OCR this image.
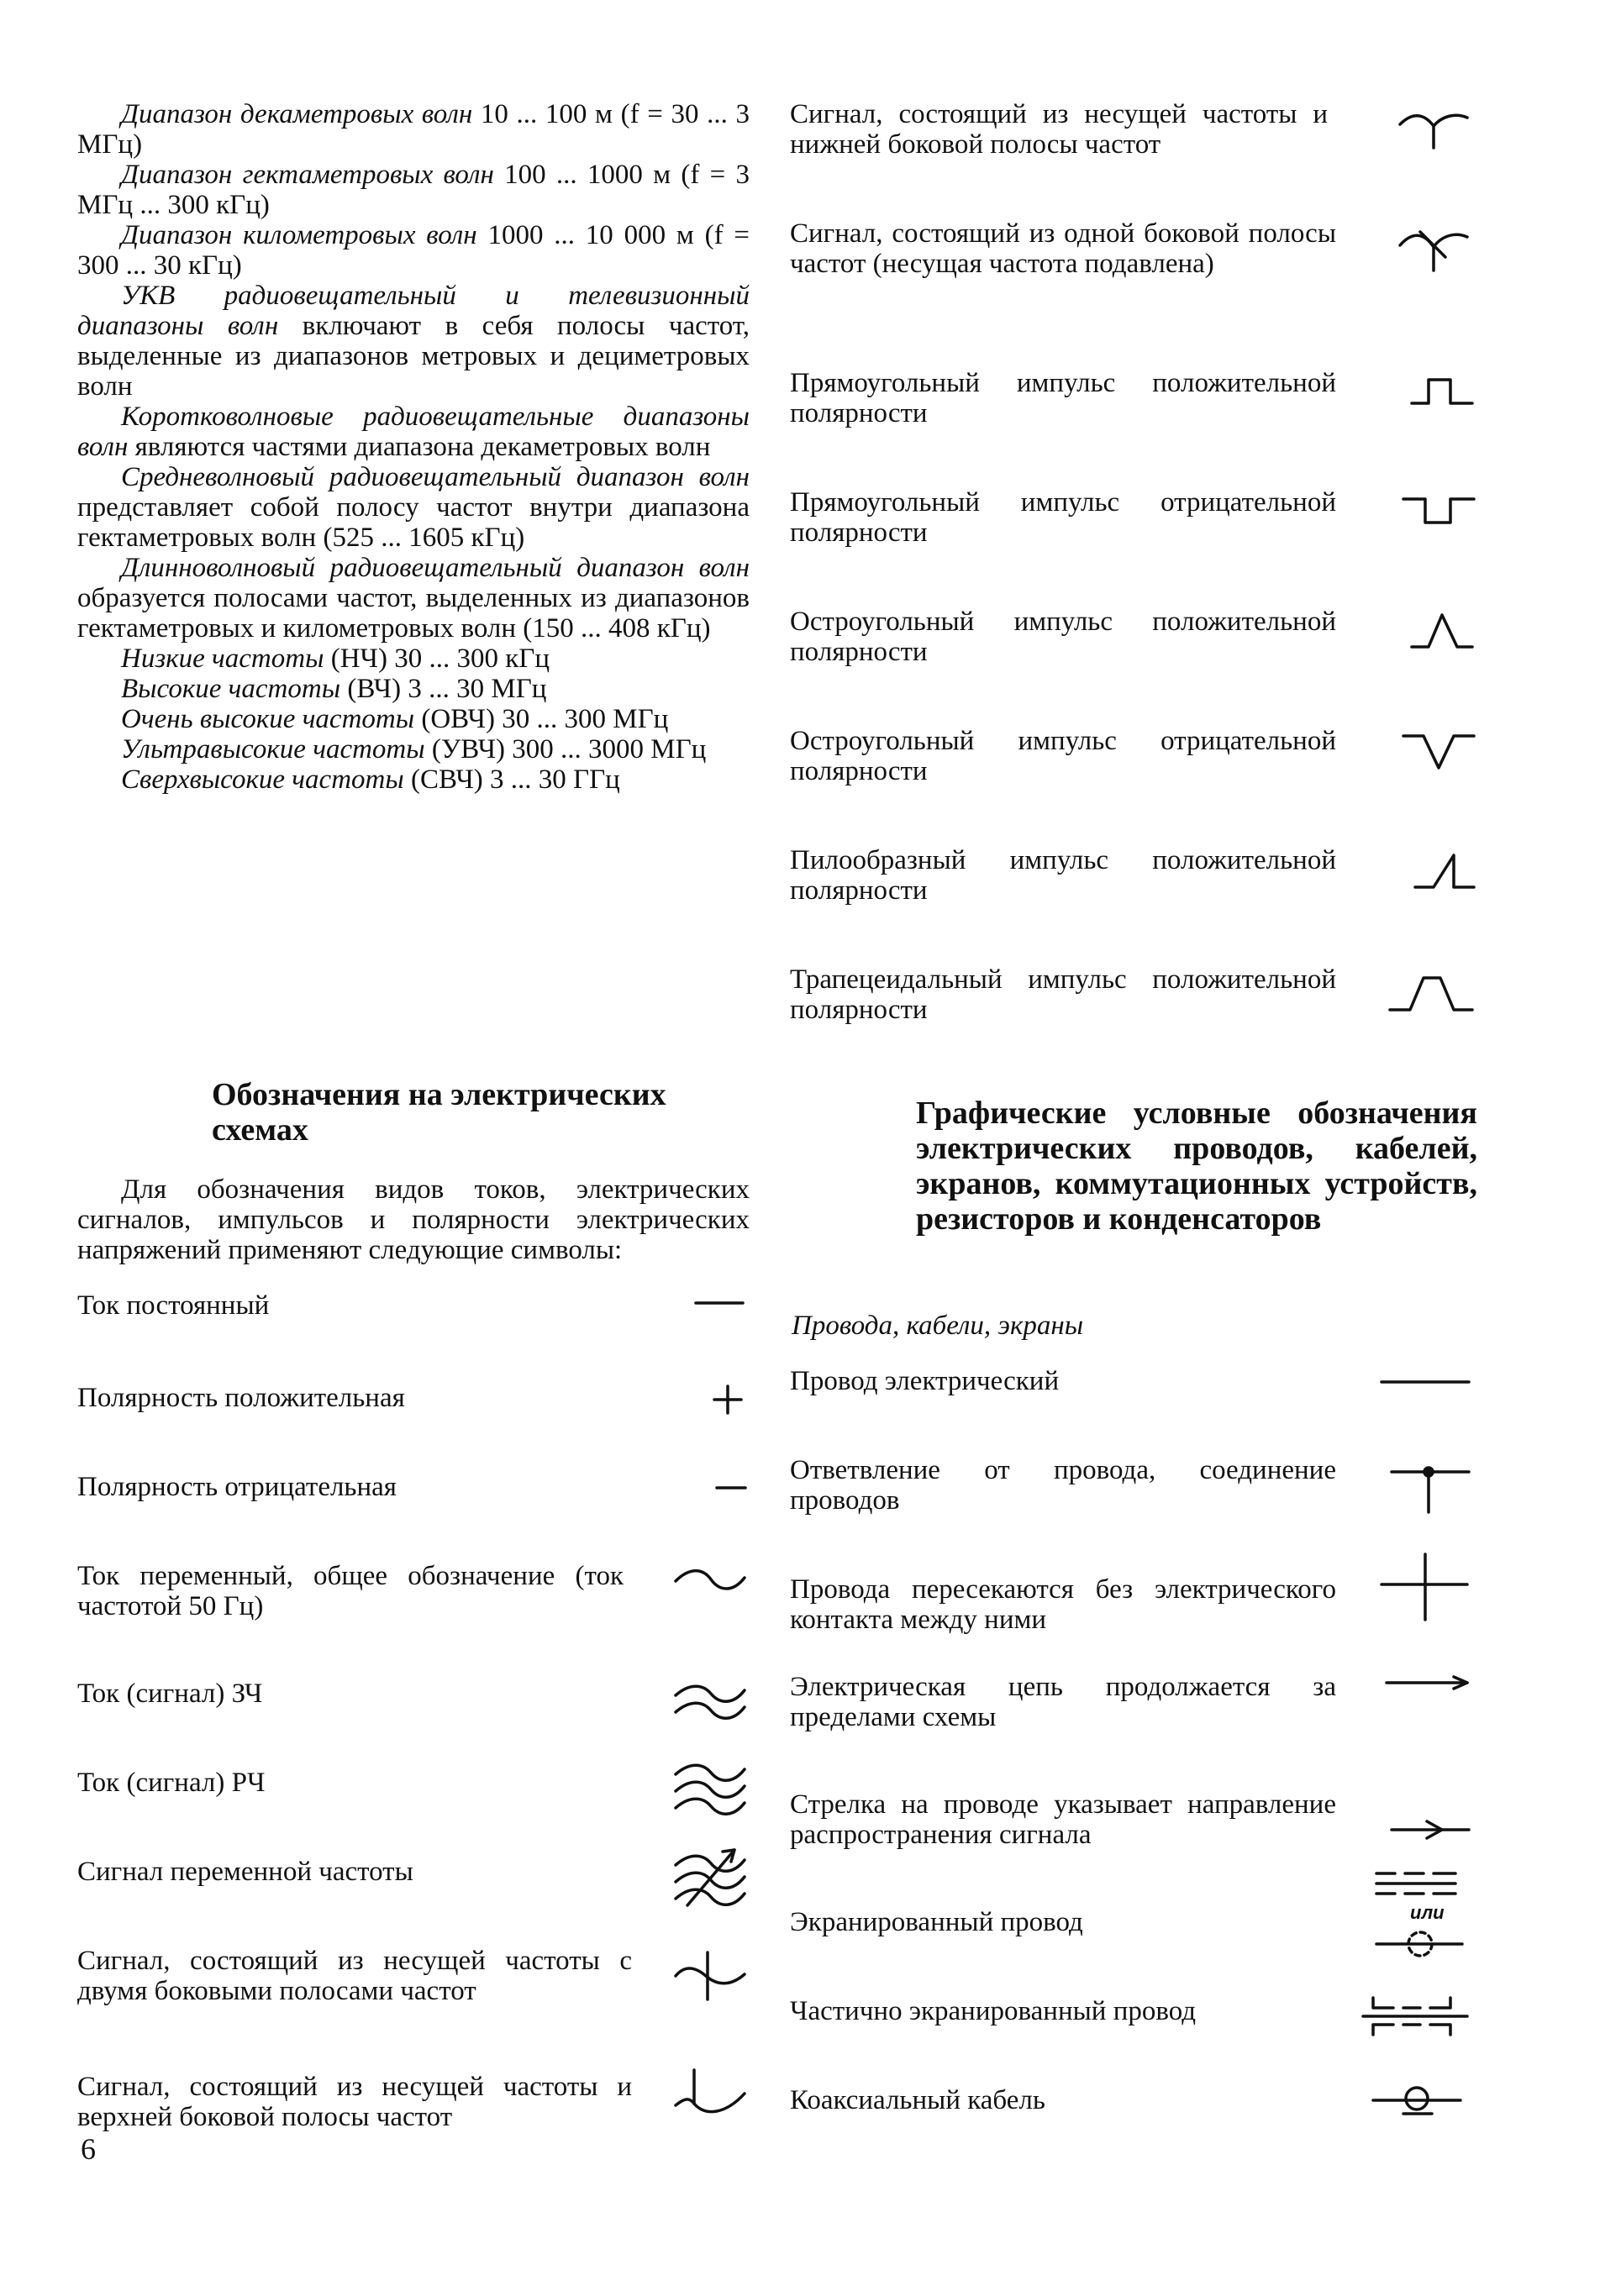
Диапазон декаметровых волн 10 ... 100 м (f = 30 ... 3 МГц)

Диапазон гектаметровых волн 100 ... 1000 м (f = 3 МГц ... 300 кГц)

Диапазон километровых волн 1000 ... 10 000 м (f = 300 ... 30 кГц)

УКВ радиовещательный и телевизионный диапазоны волн включают в себя полосы частот, выделенные из диапазонов метровых и дециметровых волн

Коротковолновые радиовещательные диапазоны волн являются частями диапазона декаметровых волн

Средневолновый радиовещательный диапазон волн представляет собой полосу частот внутри диапазона гектаметровых волн (525 ... 1605 кГц)

Длинноволновый радиовещательный диапазон волн образуется полосами частот, выделенных из диапазонов гектаметровых и километровых волн (150 ... 408 кГц)

Низкие частоты (НЧ) 30 ... 300 кГц

Высокие частоты (ВЧ) 3 ... 30 МГц

Очень высокие частоты (ОВЧ) 30 ... 300 МГц

Ультравысокие частоты (УВЧ) 300 ... 3000 МГц

Сверхвысокие частоты (СВЧ) 3 ... 30 ГГц

Обозначения на электрических схемах
Для обозначения видов токов, электрических сигналов, импульсов и полярности электрических напряжений применяют следующие символы:
Ток постоянный
Полярность положительная
Полярность отрицательная
Ток переменный, общее обозначение (ток частотой 50 Гц)
Ток (сигнал) ЗЧ
Ток (сигнал) РЧ
Сигнал переменной частоты
Сигнал, состоящий из несущей частоты с двумя боковыми полосами частот
Сигнал, состоящий из несущей частоты и верхней боковой полосы частот
Сигнал, состоящий из несущей частоты и нижней боковой полосы частот
Сигнал, состоящий из одной боковой полосы частот (несущая частота подавлена)
Прямоугольный импульс положительной полярности
Прямоугольный импульс отрицательной полярности
Остроугольный импульс положительной полярности
Остроугольный импульс отрицательной полярности
Пилообразный импульс положительной полярности
Трапецеидальный импульс положительной полярности
Графические условные обозначения электрических проводов, кабелей, экранов, коммутационных устройств, резисторов и конденсаторов
Провода, кабели, экраны
Провод электрический
Ответвление от провода, соединение проводов
Провода пересекаются без электрического контакта между ними
Электрическая цепь продолжается за пределами схемы
Стрелка на проводе указывает направление распространения сигнала
Экранированный провод	или
Частично экранированный провод
Коаксиальный кабель
6
